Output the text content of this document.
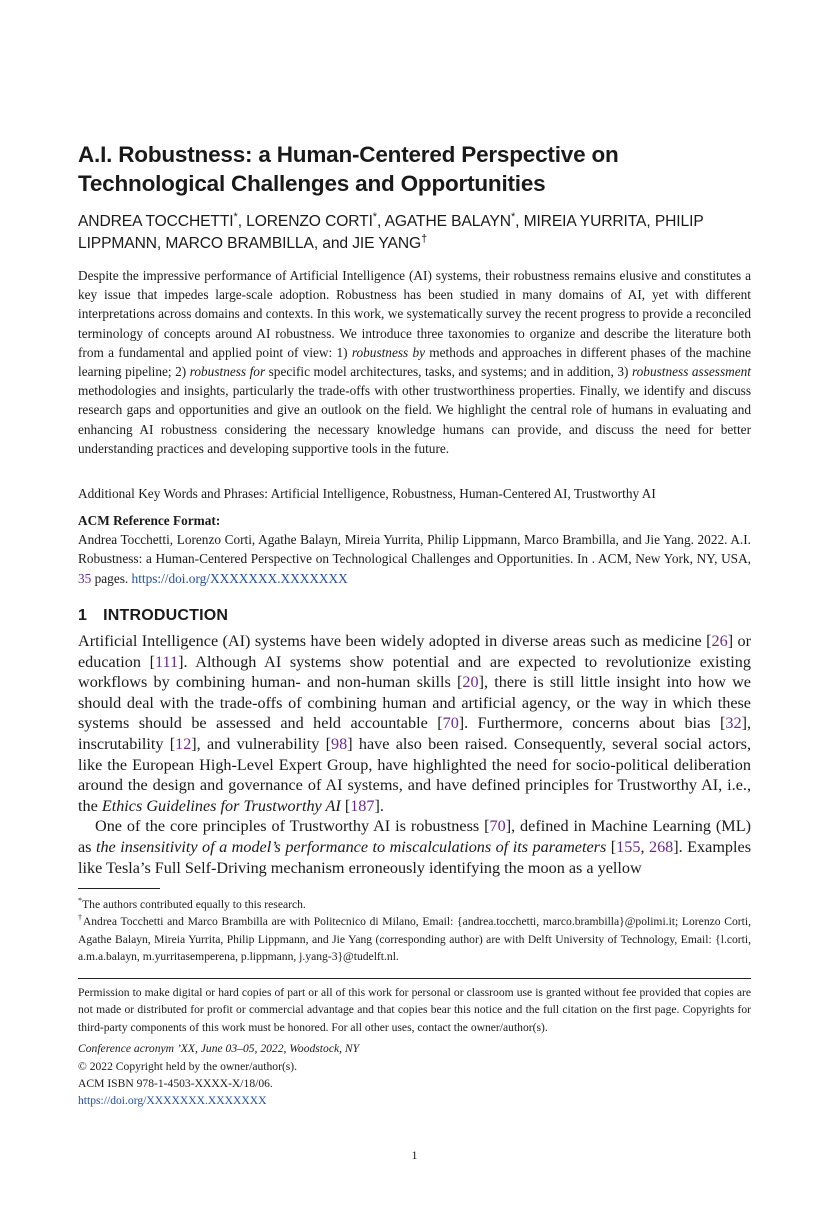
A.I. Robustness: a Human-Centered Perspective on Technological Challenges and Opportunities
ANDREA TOCCHETTI*, LORENZO CORTI*, AGATHE BALAYN*, MIREIA YURRITA, PHILIP LIPPMANN, MARCO BRAMBILLA, and JIE YANG†

Despite the impressive performance of Artificial Intelligence (AI) systems, their robustness remains elusive and constitutes a key issue that impedes large-scale adoption. Robustness has been studied in many domains of AI, yet with different interpretations across domains and contexts. In this work, we systematically survey the recent progress to provide a reconciled terminology of concepts around AI robustness. We introduce three taxonomies to organize and describe the literature both from a fundamental and applied point of view: 1) robustness by methods and approaches in different phases of the machine learning pipeline; 2) robustness for specific model architectures, tasks, and systems; and in addition, 3) robustness assessment methodologies and insights, particularly the trade-offs with other trustworthiness properties. Finally, we identify and discuss research gaps and opportunities and give an outlook on the field. We highlight the central role of humans in evaluating and enhancing AI robustness considering the necessary knowledge humans can provide, and discuss the need for better understanding practices and developing supportive tools in the future.

Additional Key Words and Phrases: Artificial Intelligence, Robustness, Human-Centered AI, Trustworthy AI

ACM Reference Format:
Andrea Tocchetti, Lorenzo Corti, Agathe Balayn, Mireia Yurrita, Philip Lippmann, Marco Brambilla, and Jie Yang. 2022. A.I. Robustness: a Human-Centered Perspective on Technological Challenges and Opportunities. In . ACM, New York, NY, USA, 35 pages. https://doi.org/XXXXXXX.XXXXXXX
1 INTRODUCTION

Artificial Intelligence (AI) systems have been widely adopted in diverse areas such as medicine [26] or education [111]. Although AI systems show potential and are expected to revolutionize existing workflows by combining human- and non-human skills [20], there is still little insight into how we should deal with the trade-offs of combining human and artificial agency, or the way in which these systems should be assessed and held accountable [70]. Furthermore, concerns about bias [32], inscrutability [12], and vulnerability [98] have also been raised. Consequently, several social actors, like the European High-Level Expert Group, have highlighted the need for socio-political deliberation around the design and governance of AI systems, and have defined principles for Trustworthy AI, i.e., the Ethics Guidelines for Trustworthy AI [187].

One of the core principles of Trustworthy AI is robustness [70], defined in Machine Learning (ML) as the insensitivity of a model’s performance to miscalculations of its parameters [155, 268]. Examples like Tesla’s Full Self-Driving mechanism erroneously identifying the moon as a yellow

*The authors contributed equally to this research.

†Andrea Tocchetti and Marco Brambilla are with Politecnico di Milano, Email: {andrea.tocchetti, marco.brambilla}@polimi.it; Lorenzo Corti, Agathe Balayn, Mireia Yurrita, Philip Lippmann, and Jie Yang (corresponding author) are with Delft University of Technology, Email: {l.corti, a.m.a.balayn, m.yurritasemperena, p.lippmann, j.yang-3}@tudelft.nl.

Permission to make digital or hard copies of part or all of this work for personal or classroom use is granted without fee provided that copies are not made or distributed for profit or commercial advantage and that copies bear this notice and the full citation on the first page. Copyrights for third-party components of this work must be honored. For all other uses, contact the owner/author(s).

Conference acronym ’XX, June 03–05, 2022, Woodstock, NY

© 2022 Copyright held by the owner/author(s).

ACM ISBN 978-1-4503-XXXX-X/18/06.

https://doi.org/XXXXXXX.XXXXXXX

1
